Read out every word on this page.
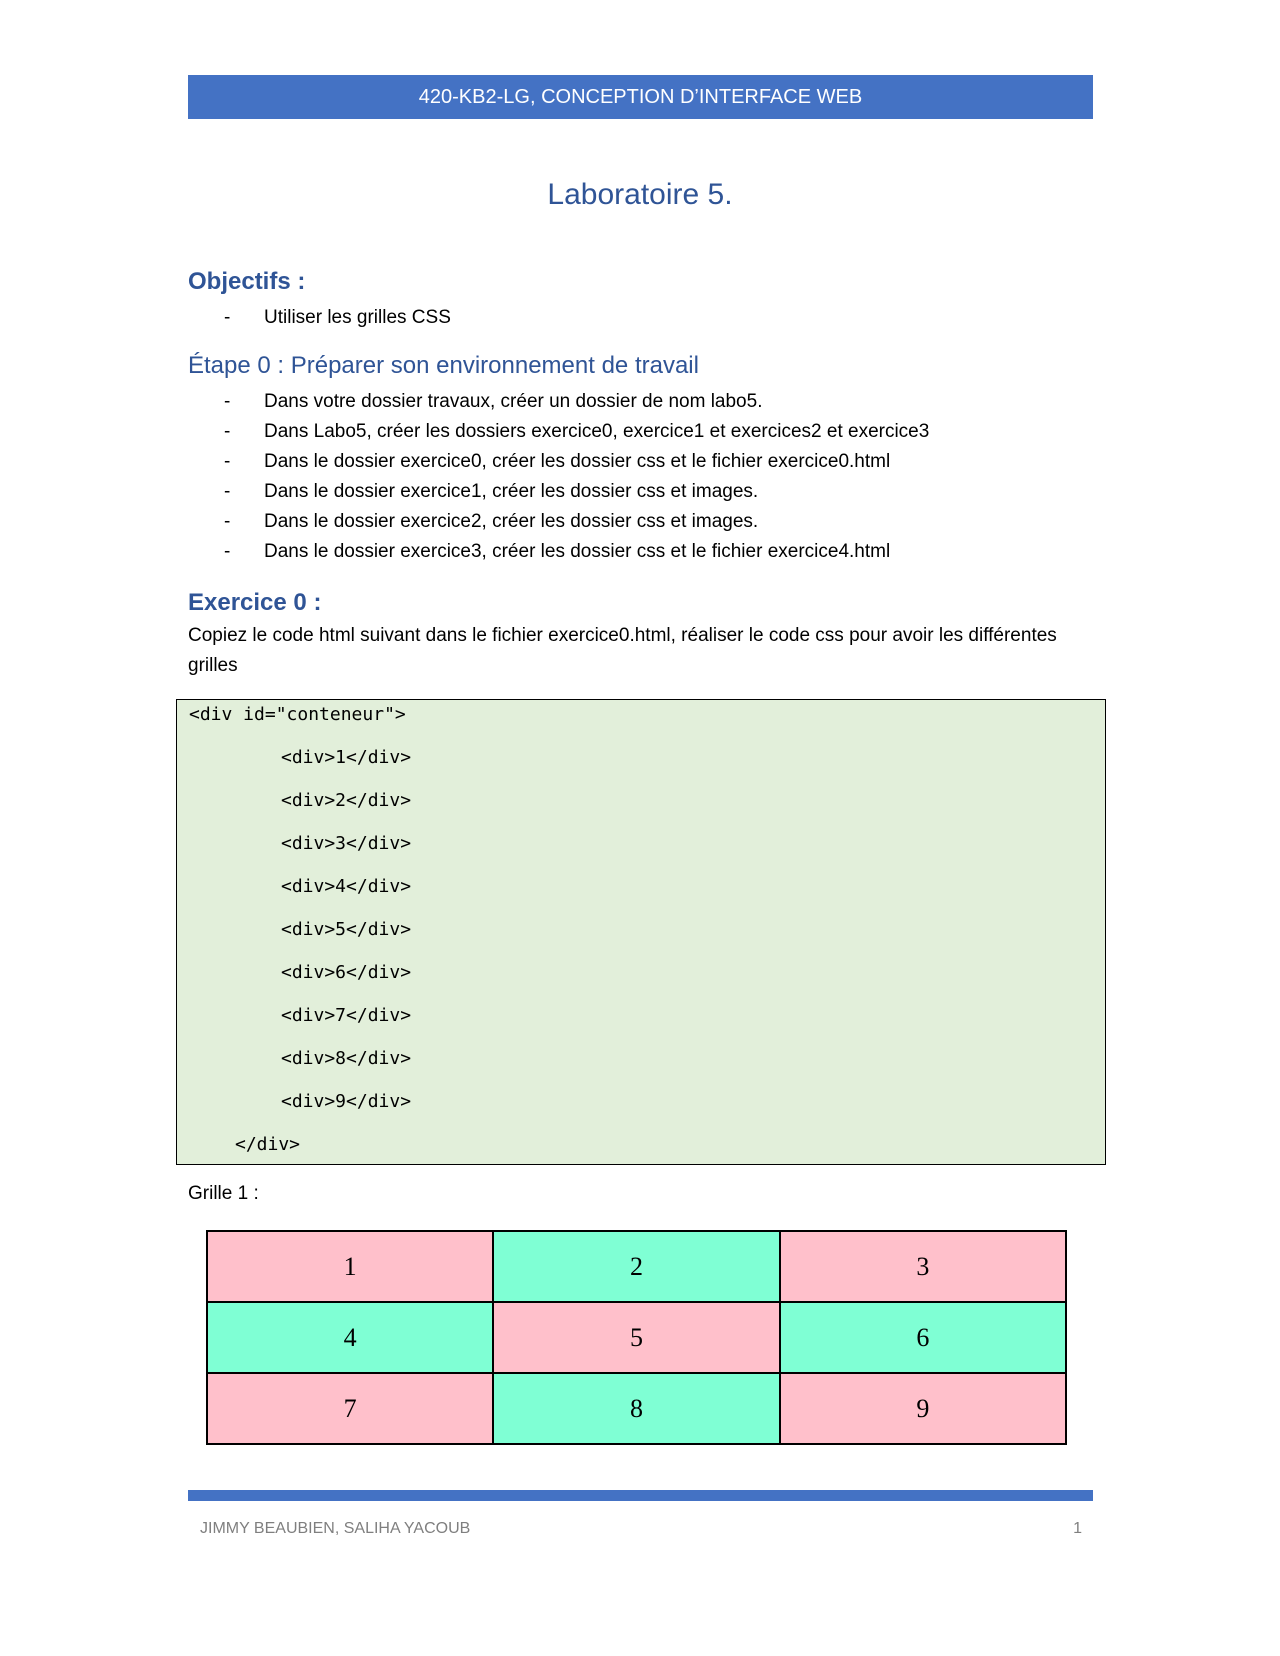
420-KB2-LG, CONCEPTION D’INTERFACE WEB
Laboratoire 5.
Objectifs :
-	Utiliser les grilles CSS
Étape 0 : Préparer son environnement de travail
-	Dans votre dossier travaux, créer un dossier de nom labo5.
-	Dans Labo5, créer les dossiers exercice0, exercice1 et exercices2 et exercice3
-	Dans le dossier exercice0, créer les dossier css et le fichier exercice0.html
-	Dans le dossier exercice1, créer les dossier css et images.
-	Dans le dossier exercice2, créer les dossier css et images.
-	Dans le dossier exercice3, créer les dossier css et le fichier exercice4.html
Exercice 0 :

Copiez le code html suivant dans le fichier exercice0.html, réaliser le code css pour avoir les différentes grilles

<div id="conteneur">
<div>1</div>
<div>2</div>
<div>3</div>
<div>4</div>
<div>5</div>
<div>6</div>
<div>7</div>
<div>8</div>
<div>9</div>
</div>
Grille 1 :
1	2	3
4	5	6
7	8	9
JIMMY BEAUBIEN, SALIHA YACOUB	1
